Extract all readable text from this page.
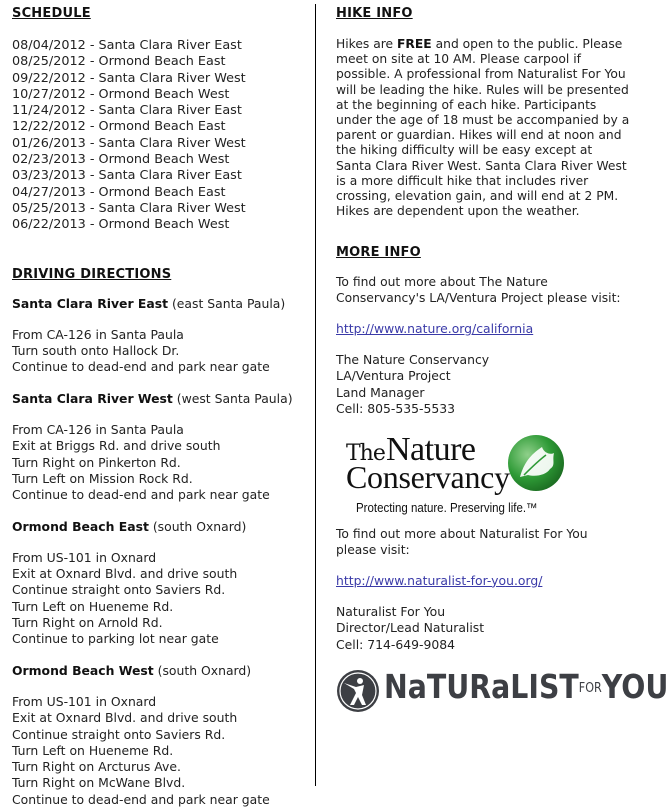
SCHEDULE
08/04/2012 - Santa Clara River East
08/25/2012 - Ormond Beach East
09/22/2012 - Santa Clara River West
10/27/2012 - Ormond Beach West
11/24/2012 - Santa Clara River East
12/22/2012 - Ormond Beach East
01/26/2013 - Santa Clara River West
02/23/2013 - Ormond Beach West
03/23/2013 - Santa Clara River East
04/27/2013 - Ormond Beach East
05/25/2013 - Santa Clara River West
06/22/2013 - Ormond Beach West
DRIVING DIRECTIONS
Santa Clara River East (east Santa Paula)
From CA-126 in Santa Paula
Turn south onto Hallock Dr.
Continue to dead-end and park near gate
Santa Clara River West (west Santa Paula)
From CA-126 in Santa Paula
Exit at Briggs Rd. and drive south
Turn Right on Pinkerton Rd.
Turn Left on Mission Rock Rd.
Continue to dead-end and park near gate
Ormond Beach East (south Oxnard)
From US-101 in Oxnard
Exit at Oxnard Blvd. and drive south
Continue straight onto Saviers Rd.
Turn Left on Hueneme Rd.
Turn Right on Arnold Rd.
Continue to parking lot near gate
Ormond Beach West (south Oxnard)
From US-101 in Oxnard
Exit at Oxnard Blvd. and drive south
Continue straight onto Saviers Rd.
Turn Left on Hueneme Rd.
Turn Right on Arcturus Ave.
Turn Right on McWane Blvd.
Continue to dead-end and park near gate
HIKE INFO
Hikes are FREE and open to the public. Please meet on site at 10 AM. Please carpool if possible. A professional from Naturalist For You will be leading the hike. Rules will be presented at the beginning of each hike. Participants under the age of 18 must be accompanied by a parent or guardian. Hikes will end at noon and the hiking difficulty will be easy except at Santa Clara River West. Santa Clara River West is a more difficult hike that includes river crossing, elevation gain, and will end at 2 PM. Hikes are dependent upon the weather.
MORE INFO
To find out more about The Nature Conservancy's LA/Ventura Project please visit:
http://www.nature.org/california
The Nature Conservancy
LA/Ventura Project
Land Manager
Cell: 805-535-5533
The Nature
Conservancy
Protecting nature. Preserving life.™
To find out more about Naturalist For You please visit:
http://www.naturalist-for-you.org/
Naturalist For You
Director/Lead Naturalist
Cell: 714-649-9084
NaTURaLISTFORYOU
